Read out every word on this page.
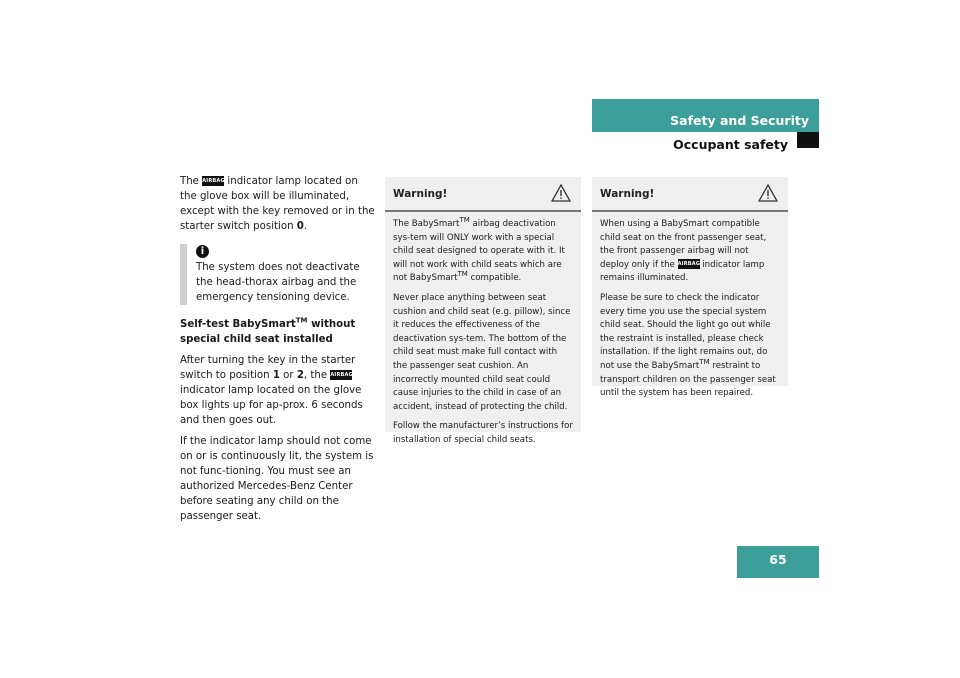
Safety and Security
Occupant safety

The AIRBAG indicator lamp located on the glove box will be illuminated, except with the key removed or in the starter switch position 0.

i
The system does not deactivate the head-thorax airbag and the emergency tensioning device.

Self-test BabySmart™ without special child seat installed

After turning the key in the starter switch to position 1 or 2, the AIRBAG indicator lamp located on the glove box lights up for ap-prox. 6 seconds and then goes out.

If the indicator lamp should not come on or is continuously lit, the system is not func-tioning. You must see an authorized Mercedes-Benz Center before seating any child on the passenger seat.

Warning!

The BabySmart™ airbag deactivation sys-tem will ONLY work with a special child seat designed to operate with it. It will not work with child seats which are not BabySmart™ compatible.

Never place anything between seat cushion and child seat (e.g. pillow), since it reduces the effectiveness of the deactivation sys-tem. The bottom of the child seat must make full contact with the passenger seat cushion. An incorrectly mounted child seat could cause injuries to the child in case of an accident, instead of protecting the child.

Follow the manufacturer’s instructions for installation of special child seats.

Warning!

When using a BabySmart compatible child seat on the front passenger seat, the front passenger airbag will not deploy only if the AIRBAG indicator lamp remains illuminated.

Please be sure to check the indicator every time you use the special system child seat. Should the light go out while the restraint is installed, please check installation. If the light remains out, do not use the BabySmart™ restraint to transport children on the passenger seat until the system has been repaired.

65
